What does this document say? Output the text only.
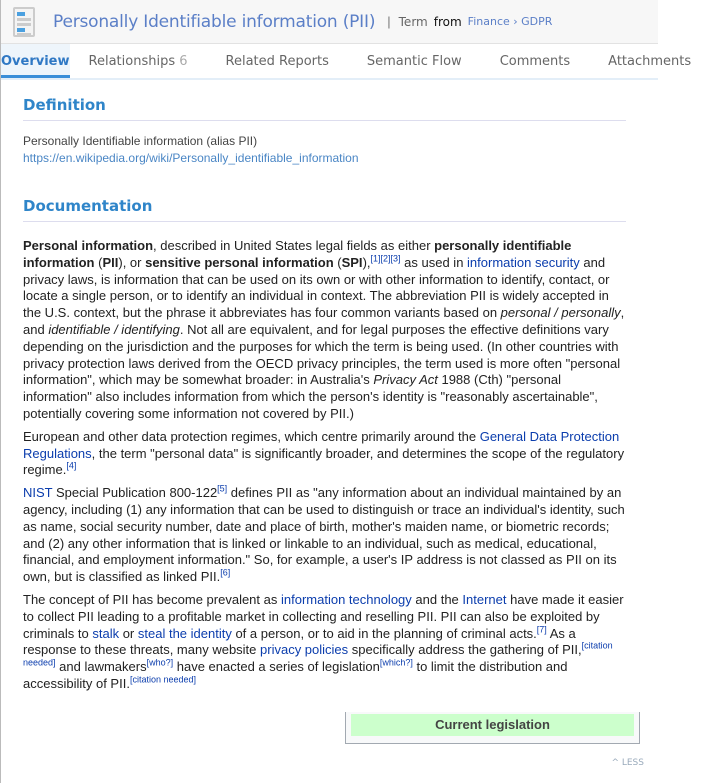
Personally Identifiable information (PII) | Term from Finance › GDPR
Overview	Relationships 6	Related Reports	Semantic Flow	Comments	Attachments
Definition
Personally Identifiable information (alias PII)
https://en.wikipedia.org/wiki/Personally_identifiable_information
Documentation

Personal information, described in United States legal fields as either personally identifiable information (PII), or sensitive personal information (SPI),[1][2][3] as used in information security and privacy laws, is information that can be used on its own or with other information to identify, contact, or locate a single person, or to identify an individual in context. The abbreviation PII is widely accepted in the U.S. context, but the phrase it abbreviates has four common variants based on personal / personally, and identifiable / identifying. Not all are equivalent, and for legal purposes the effective definitions vary depending on the jurisdiction and the purposes for which the term is being used. (In other countries with privacy protection laws derived from the OECD privacy principles, the term used is more often "personal information", which may be somewhat broader: in Australia's Privacy Act 1988 (Cth) "personal information" also includes information from which the person's identity is "reasonably ascertainable", potentially covering some information not covered by PII.)

European and other data protection regimes, which centre primarily around the General Data Protection Regulations, the term "personal data" is significantly broader, and determines the scope of the regulatory regime.[4]

NIST Special Publication 800-122[5] defines PII as "any information about an individual maintained by an agency, including (1) any information that can be used to distinguish or trace an individual's identity, such as name, social security number, date and place of birth, mother's maiden name, or biometric records; and (2) any other information that is linked or linkable to an individual, such as medical, educational, financial, and employment information." So, for example, a user's IP address is not classed as PII on its own, but is classified as linked PII.[6]

The concept of PII has become prevalent as information technology and the Internet have made it easier to collect PII leading to a profitable market in collecting and reselling PII. PII can also be exploited by criminals to stalk or steal the identity of a person, or to aid in the planning of criminal acts.[7] As a response to these threats, many website privacy policies specifically address the gathering of PII,[citation needed] and lawmakers[who?] have enacted a series of legislation[which?] to limit the distribution and accessibility of PII.[citation needed]

Current legislation
^ LESS
